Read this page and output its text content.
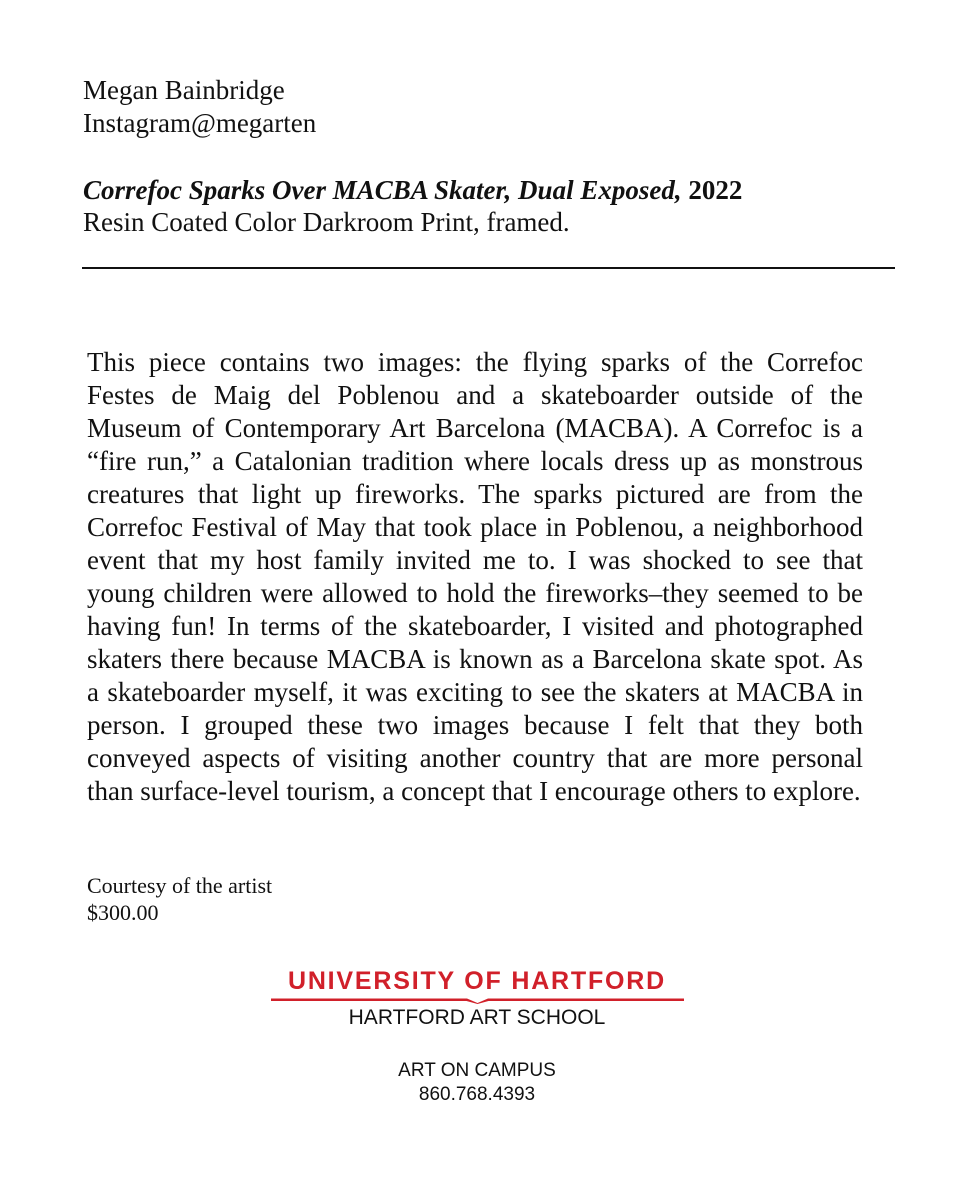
Megan Bainbridge
Instagram@megarten
Correfoc Sparks Over MACBA Skater, Dual Exposed, 2022
Resin Coated Color Darkroom Print, framed.
This piece contains two images: the flying sparks of the Correfoc Festes de Maig del Poblenou and a skateboarder outside of the Museum of Contemporary Art Barcelona (MACBA). A Correfoc is a “fire run,” a Catalonian tradition where locals dress up as monstrous creatures that light up fireworks. The sparks pictured are from the Correfoc Festival of May that took place in Poblenou, a neighborhood event that my host family invited me to. I was shocked to see that young children were allowed to hold the fireworks–they seemed to be having fun! In terms of the skateboarder, I visited and photographed skaters there because MACBA is known as a Barcelona skate spot. As a skateboarder myself, it was exciting to see the skaters at MACBA in person. I grouped these two images because I felt that they both conveyed aspects of visiting another country that are more personal than surface-level tourism, a concept that I encourage others to explore.
Courtesy of the artist
$300.00
UNIVERSITY OF HARTFORD
HARTFORD ART SCHOOL
ART ON CAMPUS
860.768.4393
